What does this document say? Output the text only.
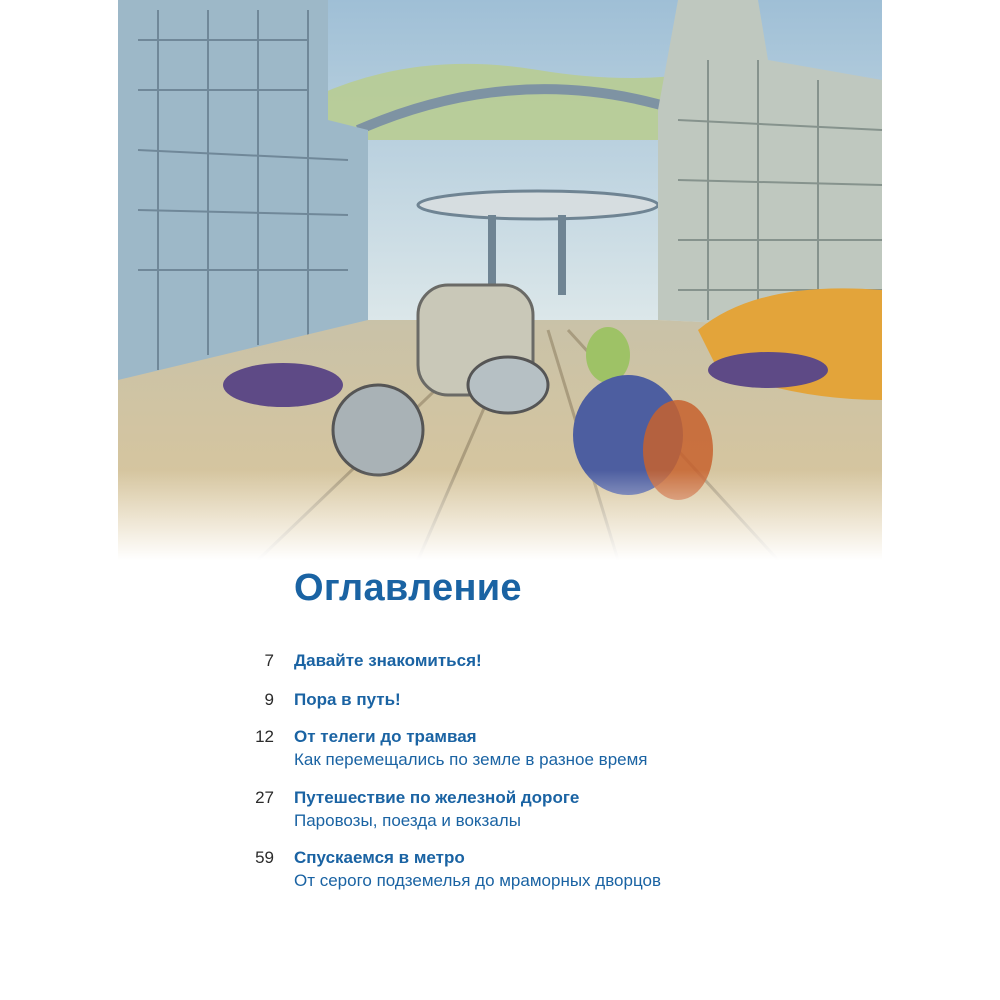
Оглавление
7 Давайте знакомиться!
9 Пора в путь!
12 От телеги до трамвая
Как перемещались по земле в разное время
27 Путешествие по железной дороге
Паровозы, поезда и вокзалы
59 Спускаемся в метро
От серого подземелья до мраморных дворцов
